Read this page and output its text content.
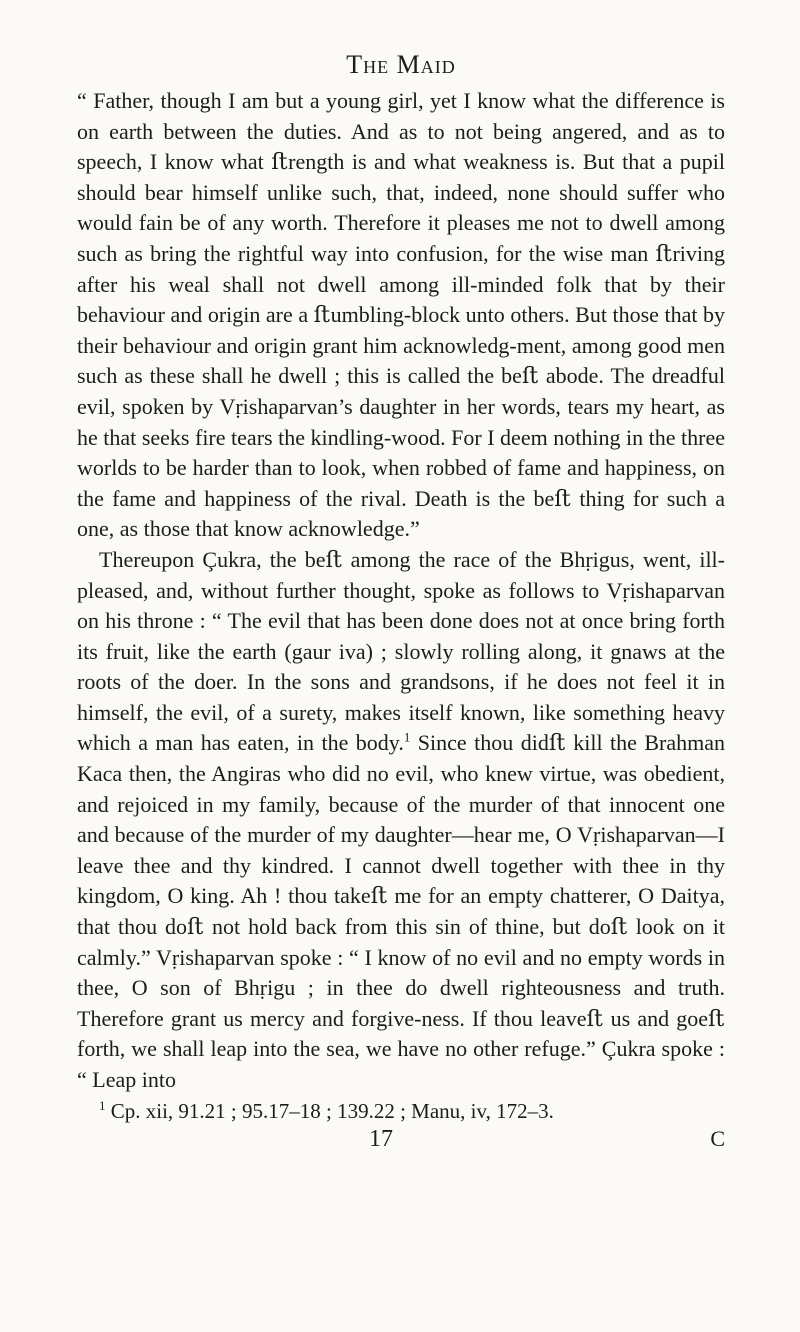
The Maid

“ Father, though I am but a young girl, yet I know what the difference is on earth between the duties. And as to not being angered, and as to speech, I know what ﬅrength is and what weakness is. But that a pupil should bear himself unlike such, that, indeed, none should suffer who would fain be of any worth. Therefore it pleases me not to dwell among such as bring the rightful way into confusion, for the wise man ﬅriving after his weal shall not dwell among ill-minded folk that by their behaviour and origin are a ﬅumbling-block unto others. But those that by their behaviour and origin grant him acknowledg-ment, among good men such as these shall he dwell ; this is called the beﬅ abode. The dreadful evil, spoken by Vṛishaparvan’s daughter in her words, tears my heart, as he that seeks fire tears the kindling-wood. For I deem nothing in the three worlds to be harder than to look, when robbed of fame and happiness, on the fame and happiness of the rival. Death is the beﬅ thing for such a one, as those that know acknowledge.”

Thereupon Çukra, the beﬅ among the race of the Bhṛigus, went, ill-pleased, and, without further thought, spoke as follows to Vṛishaparvan on his throne : “ The evil that has been done does not at once bring forth its fruit, like the earth (gaur iva) ; slowly rolling along, it gnaws at the roots of the doer. In the sons and grandsons, if he does not feel it in himself, the evil, of a surety, makes itself known, like something heavy which a man has eaten, in the body.$^1$ Since thou didﬅ kill the Brahman Kaca then, the Angiras who did no evil, who knew virtue, was obedient, and rejoiced in my family, because of the murder of that innocent one and because of the murder of my daughter—hear me, O Vṛishaparvan—I leave thee and thy kindred. I cannot dwell together with thee in thy kingdom, O king. Ah ! thou takeﬅ me for an empty chatterer, O Daitya, that thou doﬅ not hold back from this sin of thine, but doﬅ look on it calmly.” Vṛishaparvan spoke : “ I know of no evil and no empty words in thee, O son of Bhṛigu ; in thee do dwell righteousness and truth. Therefore grant us mercy and forgive-ness. If thou leaveﬅ us and goeﬅ forth, we shall leap into the sea, we have no other refuge.” Çukra spoke : “ Leap into

$^1$ Cp. xii, 91.21 ; 95.17–18 ; 139.22 ; Manu, iv, 172–3.

17	C
